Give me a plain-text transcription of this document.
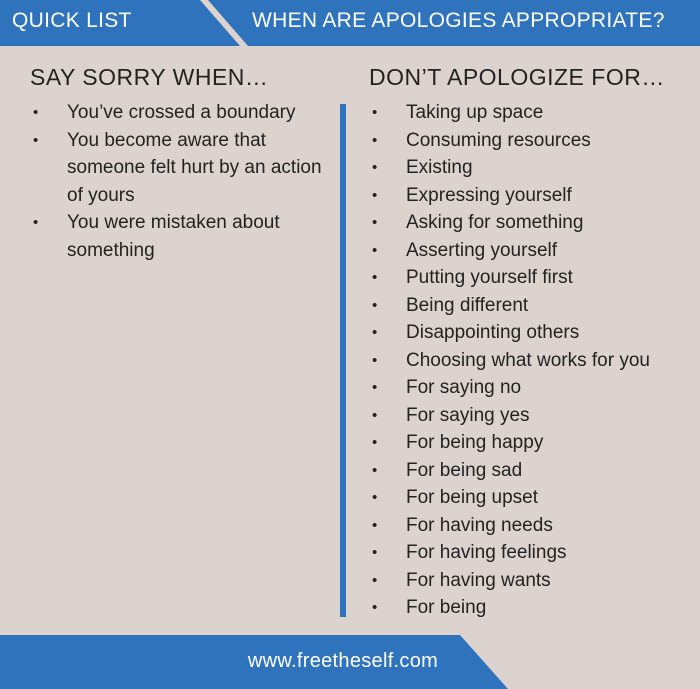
QUICK LIST	WHEN ARE APOLOGIES APPROPRIATE?
SAY SORRY WHEN…
• You’ve crossed a boundary
• You become aware that someone felt hurt by an action of yours
• You were mistaken about something
DON’T APOLOGIZE FOR…
• Taking up space
• Consuming resources
• Existing
• Expressing yourself
• Asking for something
• Asserting yourself
• Putting yourself first
• Being different
• Disappointing others
• Choosing what works for you
• For saying no
• For saying yes
• For being happy
• For being sad
• For being upset
• For having needs
• For having feelings
• For having wants
• For being
www.freetheself.com
